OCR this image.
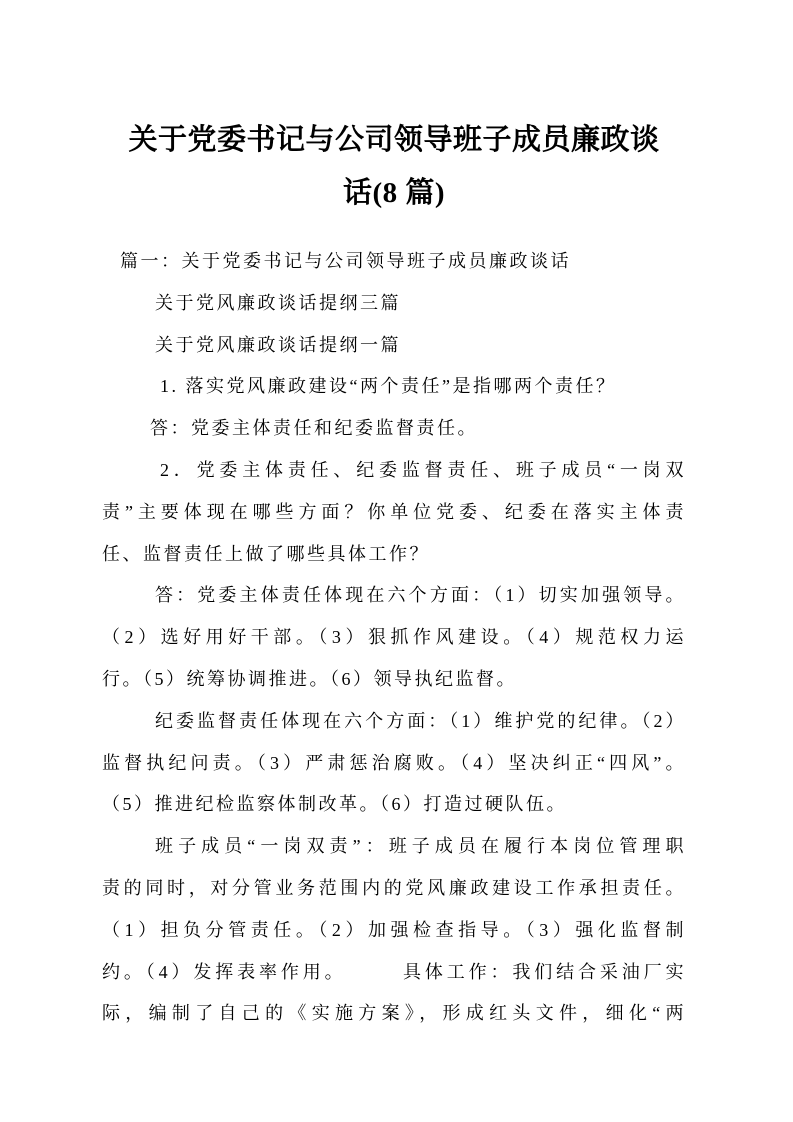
关于党委书记与公司领导班子成员廉政谈
话(8 篇)
篇一：关于党委书记与公司领导班子成员廉政谈话
关于党风廉政谈话提纲三篇
关于党风廉政谈话提纲一篇
1. 落实党风廉政建设“两个责任”是指哪两个责任？
答：党委主体责任和纪委监督责任。
2．党委主体责任、纪委监督责任、班子成员“一岗双
责”主要体现在哪些方面？你单位党委、纪委在落实主体责
任、监督责任上做了哪些具体工作？
答：党委主体责任体现在六个方面：（1）切实加强领导。
（2）选好用好干部。（3）狠抓作风建设。（4）规范权力运
行。（5）统筹协调推进。（6）领导执纪监督。
纪委监督责任体现在六个方面：（1）维护党的纪律。（2）
监督执纪问责。（3）严肃惩治腐败。（4）坚决纠正“四风”。
（5）推进纪检监察体制改革。（6）打造过硬队伍。
班子成员“一岗双责”：班子成员在履行本岗位管理职
责的同时，对分管业务范围内的党风廉政建设工作承担责任。
（1）担负分管责任。（2）加强检查指导。（3）强化监督制
约。（4）发挥表率作用。　　　具体工作：我们结合采油厂实
际，编制了自己的《实施方案》，形成红头文件，细化“两
